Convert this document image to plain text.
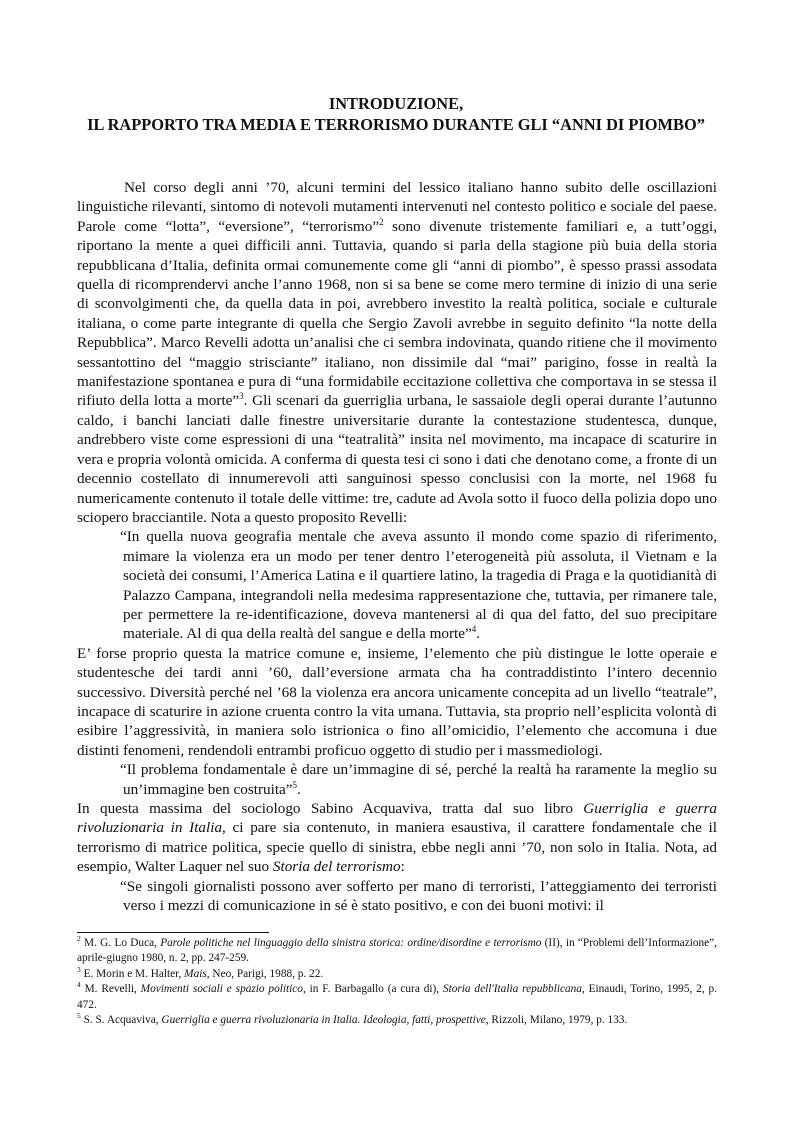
INTRODUZIONE,
IL RAPPORTO TRA MEDIA E TERRORISMO DURANTE GLI “ANNI DI PIOMBO”

Nel corso degli anni ’70, alcuni termini del lessico italiano hanno subito delle oscillazioni linguistiche rilevanti, sintomo di notevoli mutamenti intervenuti nel contesto politico e sociale del paese. Parole come “lotta”, “eversione”, “terrorismo”$^2$ sono divenute tristemente familiari e, a tutt’oggi, riportano la mente a quei difficili anni. Tuttavia, quando si parla della stagione più buia della storia repubblicana d’Italia, definita ormai comunemente come gli “anni di piombo”, è spesso prassi assodata quella di ricomprendervi anche l’anno 1968, non si sa bene se come mero termine di inizio di una serie di sconvolgimenti che, da quella data in poi, avrebbero investito la realtà politica, sociale e culturale italiana, o come parte integrante di quella che Sergio Zavoli avrebbe in seguito definito “la notte della Repubblica”. Marco Revelli adotta un’analisi che ci sembra indovinata, quando ritiene che il movimento sessantottino del “maggio strisciante” italiano, non dissimile dal “mai” parigino, fosse in realtà la manifestazione spontanea e pura di “una formidabile eccitazione collettiva che comportava in se stessa il rifiuto della lotta a morte”$^3$. Gli scenari da guerriglia urbana, le sassaiole degli operai durante l’autunno caldo, i banchi lanciati dalle finestre universitarie durante la contestazione studentesca, dunque, andrebbero viste come espressioni di una “teatralità” insita nel movimento, ma incapace di scaturire in vera e propria volontà omicida. A conferma di questa tesi ci sono i dati che denotano come, a fronte di un decennio costellato di innumerevoli atti sanguinosi spesso conclusisi con la morte, nel 1968 fu numericamente contenuto il totale delle vittime: tre, cadute ad Avola sotto il fuoco della polizia dopo uno sciopero bracciantile. Nota a questo proposito Revelli:

“In quella nuova geografia mentale che aveva assunto il mondo come spazio di riferimento, mimare la violenza era un modo per tener dentro l’eterogeneità più assoluta, il Vietnam e la società dei consumi, l’America Latina e il quartiere latino, la tragedia di Praga e la quotidianità di Palazzo Campana, integrandoli nella medesima rappresentazione che, tuttavia, per rimanere tale, per permettere la re-identificazione, doveva mantenersi al di qua del fatto, del suo precipitare materiale. Al di qua della realtà del sangue e della morte”$^4$.

E’ forse proprio questa la matrice comune e, insieme, l’elemento che più distingue le lotte operaie e studentesche dei tardi anni ’60, dall’eversione armata cha ha contraddistinto l’intero decennio successivo. Diversità perché nel ’68 la violenza era ancora unicamente concepita ad un livello “teatrale”, incapace di scaturire in azione cruenta contro la vita umana. Tuttavia, sta proprio nell’esplicita volontà di esibire l’aggressività, in maniera solo istrionica o fino all’omicidio, l’elemento che accomuna i due distinti fenomeni, rendendoli entrambi proficuo oggetto di studio per i massmediologi.

“Il problema fondamentale è dare un’immagine di sé, perché la realtà ha raramente la meglio su un’immagine ben costruita”$^5$.

In questa massima del sociologo Sabino Acquaviva, tratta dal suo libro Guerriglia e guerra rivoluzionaria in Italia, ci pare sia contenuto, in maniera esaustiva, il carattere fondamentale che il terrorismo di matrice politica, specie quello di sinistra, ebbe negli anni ’70, non solo in Italia. Nota, ad esempio, Walter Laquer nel suo Storia del terrorismo:

“Se singoli giornalisti possono aver sofferto per mano di terroristi, l’atteggiamento dei terroristi verso i mezzi di comunicazione in sé è stato positivo, e con dei buoni motivi: il

$^2$ M. G. Lo Duca, Parole politiche nel linguaggio della sinistra storica: ordine/disordine e terrorismo (II), in “Problemi dell’Informazione”, aprile-giugno 1980, n. 2, pp. 247-259.

$^3$ E. Morin e M. Halter, Mais, Neo, Parigi, 1988, p. 22.

$^4$ M. Revelli, Movimenti sociali e spazio politico, in F. Barbagallo (a cura di), Storia dell'Italia repubblicana, Einaudi, Torino, 1995, 2, p. 472.

$^5$ S. S. Acquaviva, Guerriglia e guerra rivoluzionaria in Italia. Ideologia, fatti, prospettive, Rizzoli, Milano, 1979, p. 133.
